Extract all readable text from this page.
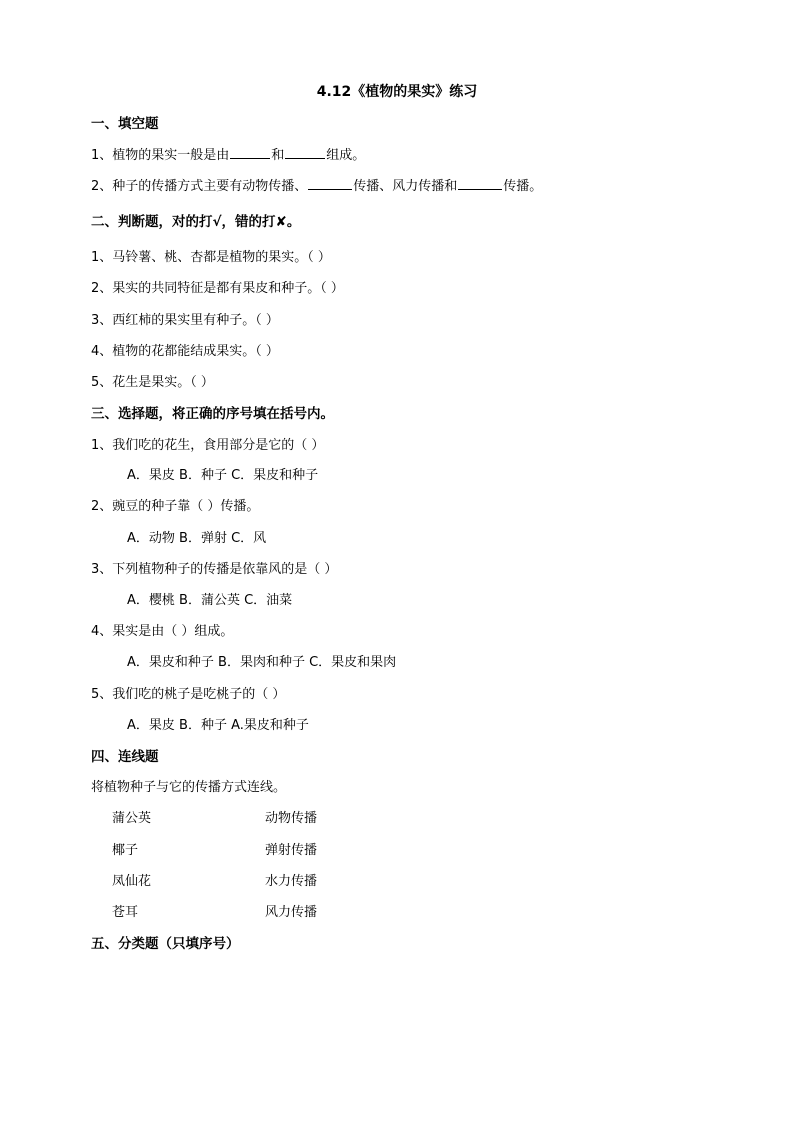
4.12《植物的果实》练习
一、填空题
1、植物的果实一般是由	和	组成。
2、种子的传播方式主要有动物传播、	传播、风力传播和	传播。
二、判断题，对的打√，错的打✘。
1、马铃薯、桃、杏都是植物的果实。（ ）
2、果实的共同特征是都有果皮和种子。（ ）
3、西红柿的果实里有种子。（ ）
4、植物的花都能结成果实。（ ）
5、花生是果实。（ ）
三、选择题，将正确的序号填在括号内。
1、我们吃的花生，食用部分是它的（ ）
A．果皮 B．种子 C．果皮和种子
2、豌豆的种子靠（ ）传播。
A．动物 B．弹射 C．风
3、下列植物种子的传播是依靠风的是（ ）
A．樱桃 B．蒲公英 C．油菜
4、果实是由（ ）组成。
A．果皮和种子 B．果肉和种子 C．果皮和果肉
5、我们吃的桃子是吃桃子的（ ）
A．果皮 B．种子 A.果皮和种子
四、连线题
将植物种子与它的传播方式连线。
蒲公英	动物传播
椰子	弹射传播
凤仙花	水力传播
苍耳	风力传播
五、分类题（只填序号）
